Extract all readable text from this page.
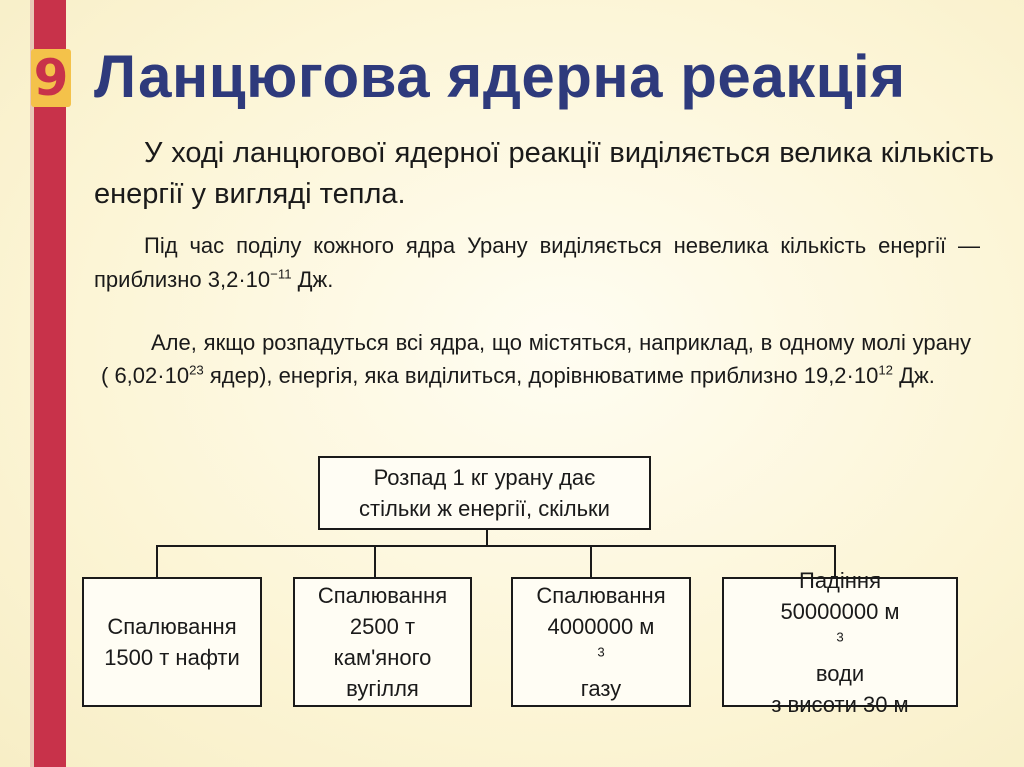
9 Ланцюгова ядерна реакція

У ході ланцюгової ядерної реакції виділяється велика кількість енергії у вигляді тепла.

Під час поділу кожного ядра Урану виділяється невелика кількість енергії — приблизно $3,2\cdot 10^{-11}$ Дж.

Але, якщо розпадуться всі ядра, що містяться, наприклад, в одному молі урану ( $6,02\cdot 10^{23}$ ядер), енергія, яка виділиться, дорівнюватиме приблизно $19,2\cdot 10^{12}$ Дж.

Розпад 1 кг урану дає
стільки ж енергії, скільки
Спалювання
1500 т нафти
Спалювання
2500 т
кам'яного
вугілля
Спалювання
4000000 м
$^3$
газу
Падіння
50000000 м
$^3$
води
з висоти 30 м
